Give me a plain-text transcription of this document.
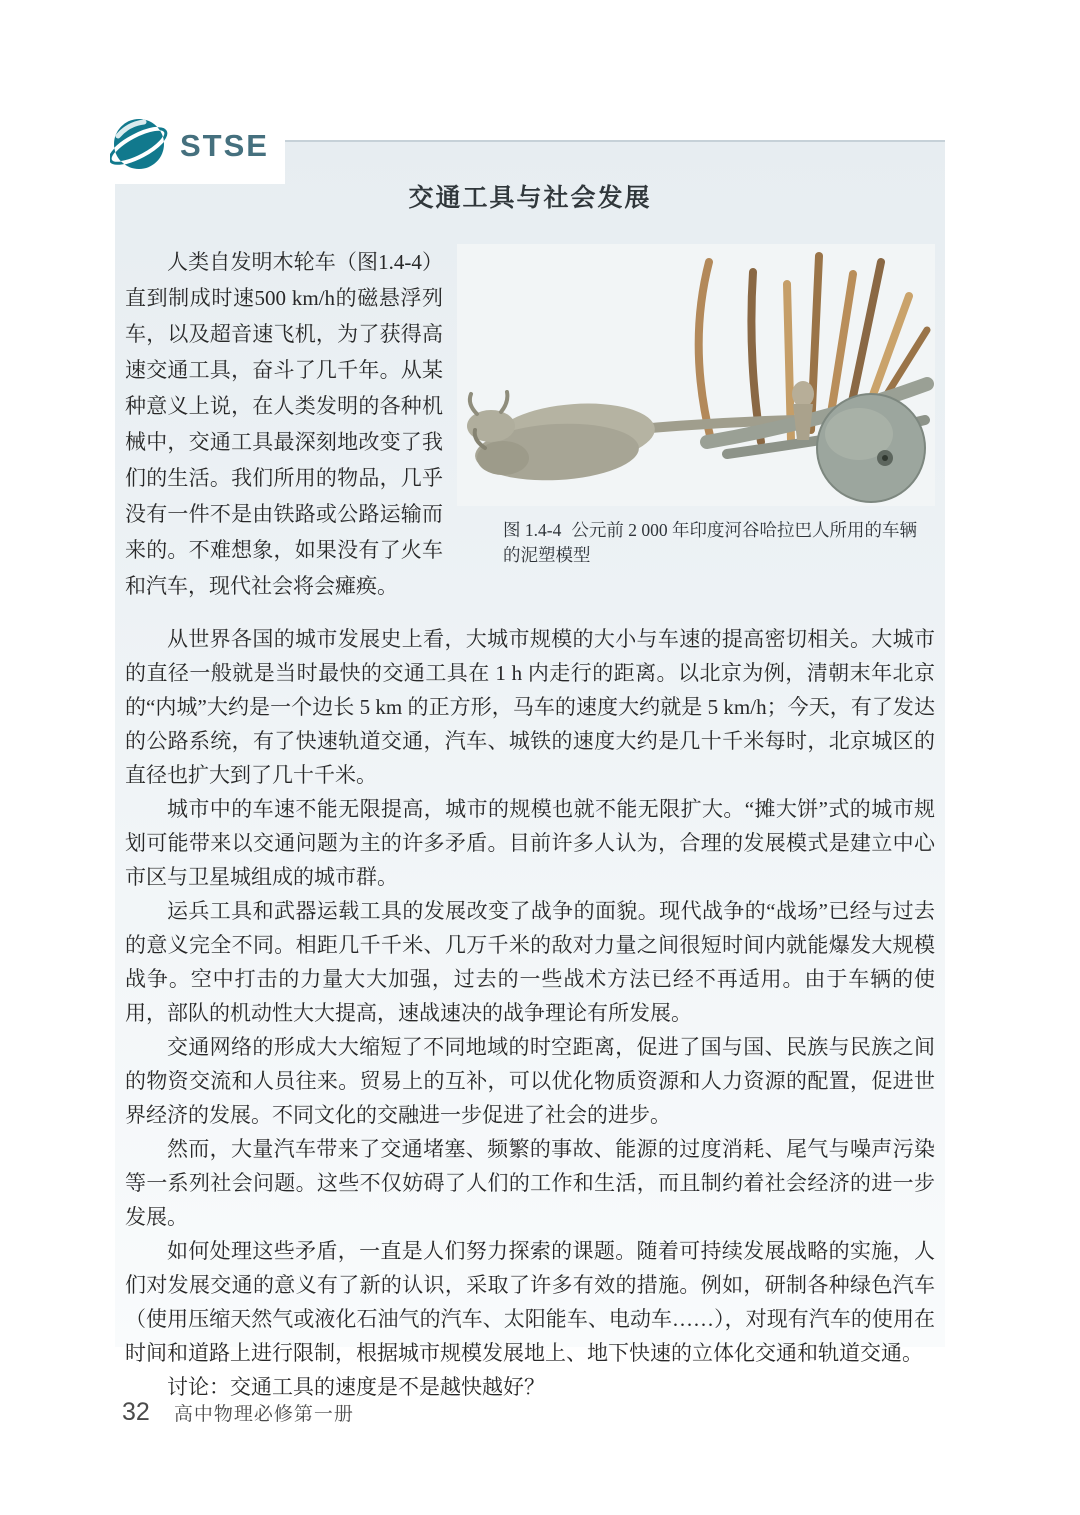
交通工具与社会发展

人类自发明木轮车（图1.4-4）直到制成时速500 km/h的磁悬浮列车，以及超音速飞机，为了获得高速交通工具，奋斗了几千年。从某种意义上说，在人类发明的各种机械中，交通工具最深刻地改变了我们的生活。我们所用的物品，几乎没有一件不是由铁路或公路运输而来的。不难想象，如果没有了火车和汽车，现代社会将会瘫痪。

图 1.4-4 公元前 2 000 年印度河谷哈拉巴人所用的车辆的泥塑模型

从世界各国的城市发展史上看，大城市规模的大小与车速的提高密切相关。大城市的直径一般就是当时最快的交通工具在 1 h 内走行的距离。以北京为例，清朝末年北京的“内城”大约是一个边长 5 km 的正方形，马车的速度大约就是 5 km/h；今天，有了发达的公路系统，有了快速轨道交通，汽车、城铁的速度大约是几十千米每时，北京城区的直径也扩大到了几十千米。

城市中的车速不能无限提高，城市的规模也就不能无限扩大。“摊大饼”式的城市规划可能带来以交通问题为主的许多矛盾。目前许多人认为，合理的发展模式是建立中心市区与卫星城组成的城市群。

运兵工具和武器运载工具的发展改变了战争的面貌。现代战争的“战场”已经与过去的意义完全不同。相距几千千米、几万千米的敌对力量之间很短时间内就能爆发大规模战争。空中打击的力量大大加强，过去的一些战术方法已经不再适用。由于车辆的使用，部队的机动性大大提高，速战速决的战争理论有所发展。

交通网络的形成大大缩短了不同地域的时空距离，促进了国与国、民族与民族之间的物资交流和人员往来。贸易上的互补，可以优化物质资源和人力资源的配置，促进世界经济的发展。不同文化的交融进一步促进了社会的进步。

然而，大量汽车带来了交通堵塞、频繁的事故、能源的过度消耗、尾气与噪声污染等一系列社会问题。这些不仅妨碍了人们的工作和生活，而且制约着社会经济的进一步发展。

如何处理这些矛盾，一直是人们努力探索的课题。随着可持续发展战略的实施，人们对发展交通的意义有了新的认识，采取了许多有效的措施。例如，研制各种绿色汽车（使用压缩天然气或液化石油气的汽车、太阳能车、电动车……），对现有汽车的使用在时间和道路上进行限制，根据城市规模发展地上、地下快速的立体化交通和轨道交通。

讨论：交通工具的速度是不是越快越好？

STSE
32 高中物理必修第一册
